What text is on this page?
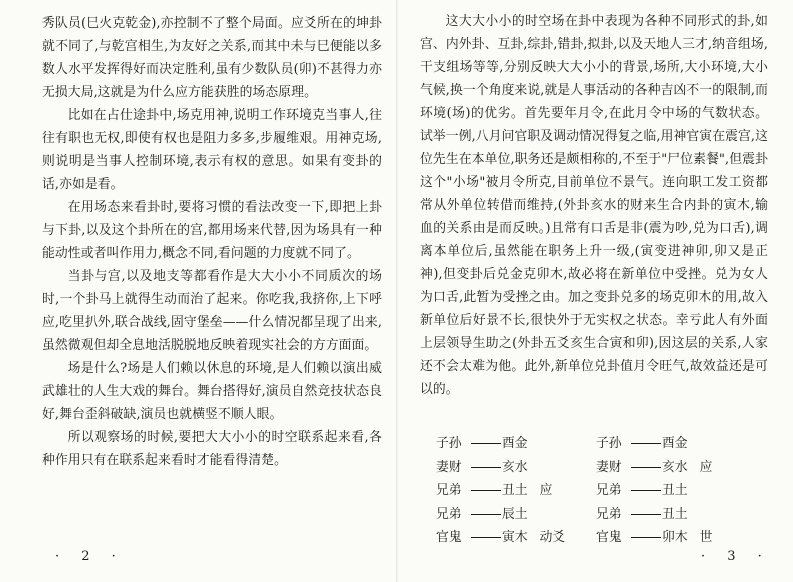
秀队员(巳火克乾金),亦控制不了整个局面。应爻所在的坤卦就不同了,与乾宫相生,为友好之关系,而其中未与巳便能以多数人水平发挥得好而决定胜利,虽有少数队员(卯)不甚得力亦无损大局,这就是为什么应方能获胜的场态原理。

比如在占仕途卦中,场克用神,说明工作环境克当事人,往往有职也无权,即使有权也是阻力多多,步履维艰。用神克场,则说明是当事人控制环境,表示有权的意思。如果有变卦的话,亦如是看。

在用场态来看卦时,要将习惯的看法改变一下,即把上卦与下卦,以及这个卦所在的宫,都用场来代替,因为场具有一种能动性或者叫作用力,概念不同,看问题的力度就不同了。

当卦与宫,以及地支等都看作是大大小小不同质次的场时,一个卦马上就得生动而治了起来。你吃我,我挤你,上下呼应,吃里扒外,联合战线,固守堡垒——什么情况都呈现了出来,虽然微观但却全息地活脱脱地反映着现实社会的方方面面。

场是什么?场是人们赖以休息的环境,是人们赖以演出威武雄壮的人生大戏的舞台。舞台搭得好,演员自然竞技状态良好,舞台歪斜破缺,演员也就横竖不顺人眼。

所以观察场的时候,要把大大小小的时空联系起来看,各种作用只有在联系起来看时才能看得清楚。

· 2 ·

这大大小小的时空场在卦中表现为各种不同形式的卦,如宫、内外卦、互卦,综卦,错卦,拟卦,以及天地人三才,纳音组场,干支组场等等,分别反映大大小小的背景,场所,大小环境,大小气候,换一个角度来说,就是人事活动的各种吉凶不一的限制,而环境(场)的优劣。首先要年月令,在此月令中场的气数状态。试举一例,八月问官职及调动情况得复之临,用神官寅在震宫,这位先生在本单位,职务还是颇相称的,不至于"尸位素餐",但震卦这个"小场"被月令所克,目前单位不景气。连向职工发工资都常从外单位转借而维持,(外卦亥水的财来生合内卦的寅木,输血的关系由是而反映。)且常有口舌是非(震为吵,兑为口舌),调离本单位后,虽然能在职务上升一级,(寅变进神卯,卯又是正神),但变卦后兑金克卯木,故必将在新单位中受挫。兑为女人为口舌,此暂为受挫之由。加之变卦兑多的场克卯木的用,故入新单位后好景不长,很快外于无实权之状态。幸亏此人有外面上层领导生助之(外卦五爻亥生合寅和卯),因这层的关系,人家还不会太难为他。此外,新单位兑卦值月令旺气,故效益还是可以的。

子孙	酉金	子孙	酉金
妻财	亥水	妻财	亥水 应
兄弟	丑土 应	兄弟	丑土
兄弟	辰土	兄弟	丑土
官鬼	寅木 动爻	官鬼	卯木 世
· 3 ·
